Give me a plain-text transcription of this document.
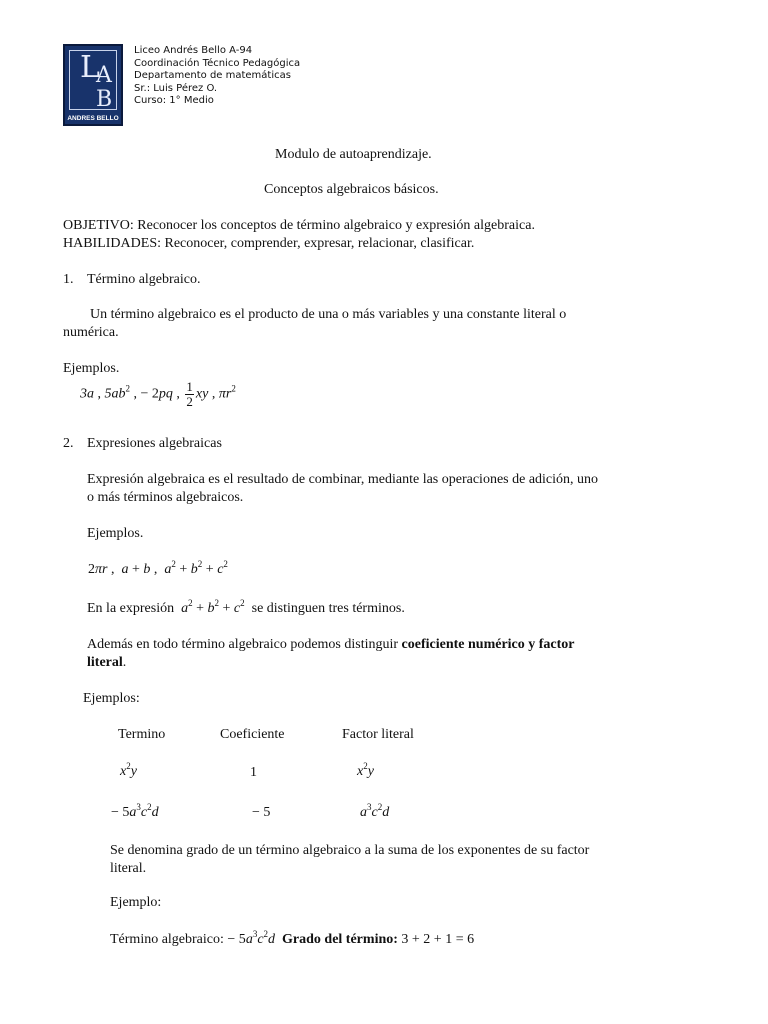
L
A
B
ANDRES BELLO
Liceo Andrés Bello A-94
Coordinación Técnico Pedagógica
Departamento de matemáticas
Sr.: Luis Pérez O.
Curso: 1° Medio
Modulo de autoaprendizaje.
Conceptos algebraicos básicos.
OBJETIVO: Reconocer los conceptos de término algebraico y expresión algebraica.
HABILIDADES: Reconocer, comprender, expresar, relacionar, clasificar.
1. Término algebraico.
Un término algebraico es el producto de una o más variables y una constante literal o
numérica.
Ejemplos.
3a , $5ab^2$ , − 2pq , $\frac{1}{2}$ xy , $\pi r^2$
2. Expresiones algebraicas
Expresión algebraica es el resultado de combinar, mediante las operaciones de adición, uno
o más términos algebraicos.
Ejemplos.
2πr ,  a + b ,  $a^2 + b^2 + c^2$
En la expresión $a^2 + b^2 + c^2$ se distinguen tres términos.
Además en todo término algebraico podemos distinguir coeficiente numérico y factor
literal.
Ejemplos:
Termino	Coeficiente	Factor literal
$x^2y$	1	$x^2y$
− $5a^3c^2d$	− 5	$a^3c^2d$
Se denomina grado de un término algebraico a la suma de los exponentes de su factor
literal.
Ejemplo:
Término algebraico: − $5a^3c^2d$ Grado del término: 3 + 2 + 1 = 6
